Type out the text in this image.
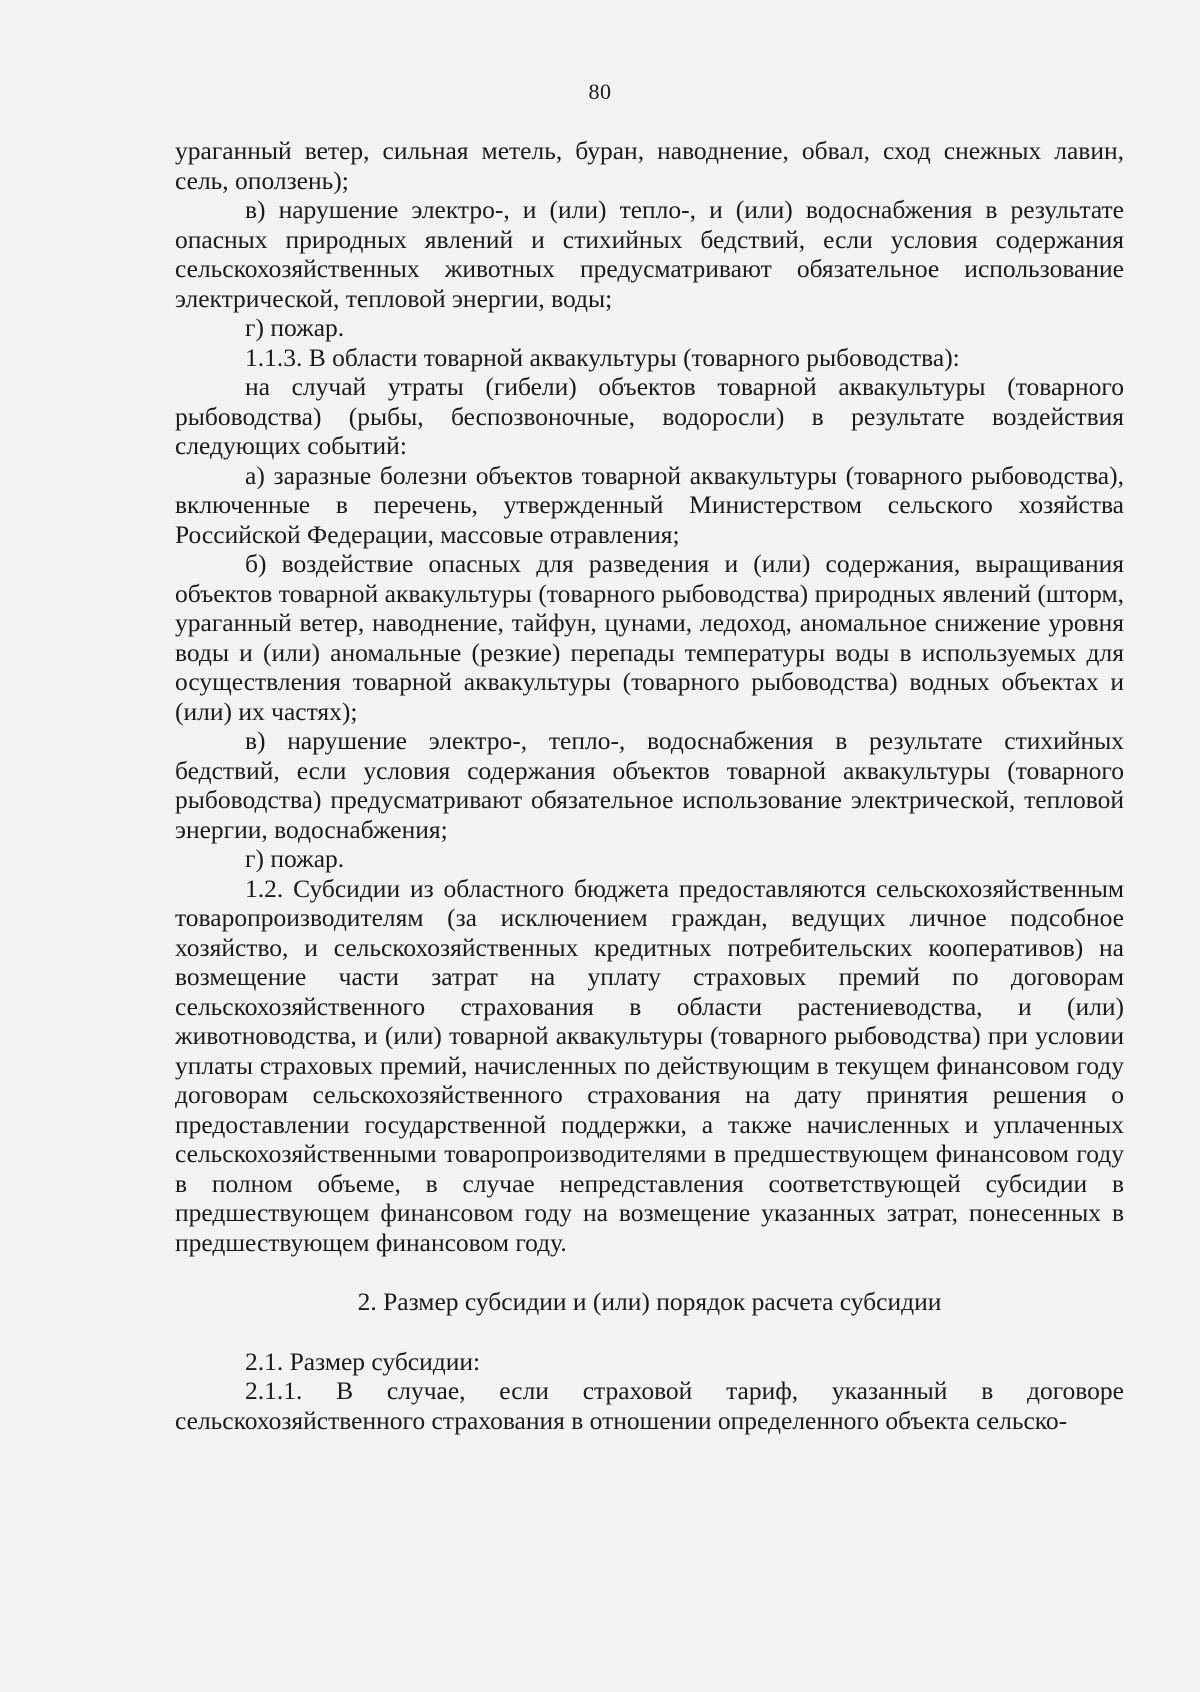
80

ураганный ветер, сильная метель, буран, наводнение, обвал, сход снежных лавин, сель, оползень);

в) нарушение электро-, и (или) тепло-, и (или) водоснабжения в результате опасных природных явлений и стихийных бедствий, если условия содержания сельскохозяйственных животных предусматривают обязательное использование электрической, тепловой энергии, воды;

г) пожар.

1.1.3. В области товарной аквакультуры (товарного рыбоводства):

на случай утраты (гибели) объектов товарной аквакультуры (товарного рыбоводства) (рыбы, беспозвоночные, водоросли) в результате воздействия следующих событий:

а) заразные болезни объектов товарной аквакультуры (товарного рыбоводства), включенные в перечень, утвержденный Министерством сельского хозяйства Российской Федерации, массовые отравления;

б) воздействие опасных для разведения и (или) содержания, выращивания объектов товарной аквакультуры (товарного рыбоводства) природных явлений (шторм, ураганный ветер, наводнение, тайфун, цунами, ледоход, аномальное снижение уровня воды и (или) аномальные (резкие) перепады температуры воды в используемых для осуществления товарной аквакультуры (товарного рыбоводства) водных объектах и (или) их частях);

в) нарушение электро-, тепло-, водоснабжения в результате стихийных бедствий, если условия содержания объектов товарной аквакультуры (товарного рыбоводства) предусматривают обязательное использование электрической, тепловой энергии, водоснабжения;

г) пожар.

1.2. Субсидии из областного бюджета предоставляются сельскохозяйственным товаропроизводителям (за исключением граждан, ведущих личное подсобное хозяйство, и сельскохозяйственных кредитных потребительских кооперативов) на возмещение части затрат на уплату страховых премий по договорам сельскохозяйственного страхования в области растениеводства, и (или) животноводства, и (или) товарной аквакультуры (товарного рыбоводства) при условии уплаты страховых премий, начисленных по действующим в текущем финансовом году договорам сельскохозяйственного страхования на дату принятия решения о предоставлении государственной поддержки, а также начисленных и уплаченных сельскохозяйственными товаропроизводителями в предшествующем финансовом году в полном объеме, в случае непредставления соответствующей субсидии в предшествующем финансовом году на возмещение указанных затрат, понесенных в предшествующем финансовом году.

2. Размер субсидии и (или) порядок расчета субсидии

2.1. Размер субсидии:

2.1.1. В случае, если страховой тариф, указанный в договоре сельскохозяйственного страхования в отношении определенного объекта сельско-
